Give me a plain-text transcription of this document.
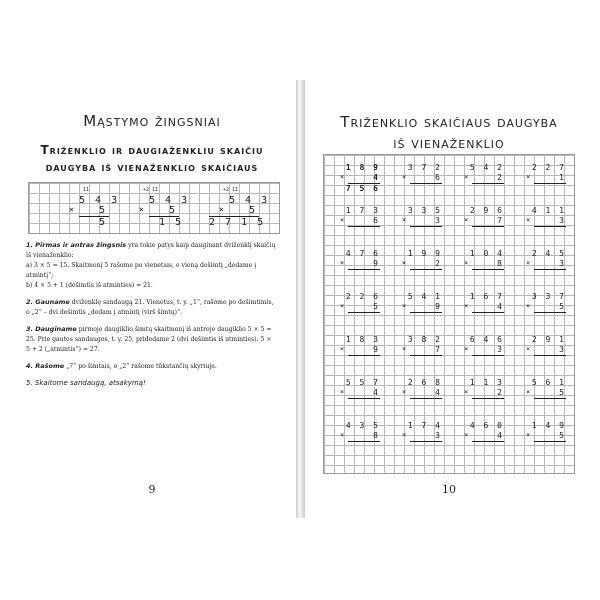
Mąstymo žingsniai
Triženklio ir daugiaženkliu skaičiu
daugyba iš vienaženklio skaičiaus
11
5 4 3
× 5
5
+2 11
5 4 3
× 5
1 5
+2 11
5 4 3
× 5
2 7 1 5
1. Pirmas ir antras žingsnis yra tokie patys kaip dauginant dviženklį skaičių iš vienaženklio:
a) 3 × 5 = 15. Skaitmenį 5 rašome po vienetais, o vieną dešimtį „dedame į atmintį“;
b) 4 × 5 + 1 (dešimtis iš atminties) = 21.
2. Gauname dviženklę sandaugą 21. Vienetus, t. y. „1“, rašome po dešimtimis, o „2“ – dvi dešimtis „dedam į atmintį (virš šimtų)“.
3. Dauginame pirmojo daugiklio šimtų skaitmenį iš antrojo daugiklio 5 × 5 = 25. Prie gautos sandaugos, t. y. 25, pridedame 2 (dvi dešimtis iš atminties). 5 × 5 + 2 („atmintis“) = 27.
4. Rašome „7“ po šimtais, o „2“ rašome tūkstančių skyriuje.
5. Skaitome sandaugą, atsakymą!
9
Triženklio skaičiaus daugyba
iš vienaženklio
1 8 9
×	4
7 5 6
3 7 2
×	6
5 4 2
×	2
2 2 7
×	1
1 7 3
×	6
3 3 5
×	3
2 9 6
×	7
4 1 1
×	3
4 7 6
×	9
1 9 9
×	2
1 0 4
×	8
2 4 5
×	3
2 2 6
×	5
5 4 1
×	9
1 6 7
×	4
3 3 7
×	5
1 8 3
×	9
3 8 2
×	7
6 4 6
×	3
2 9 1
×	3
5 5 7
×	4
2 6 8
×	4
1 1 3
×	2
5 6 1
×	5
4 3 5
×	8
1 7 4
×	3
4 6 0
×	4
1 4 9
×	5
10
